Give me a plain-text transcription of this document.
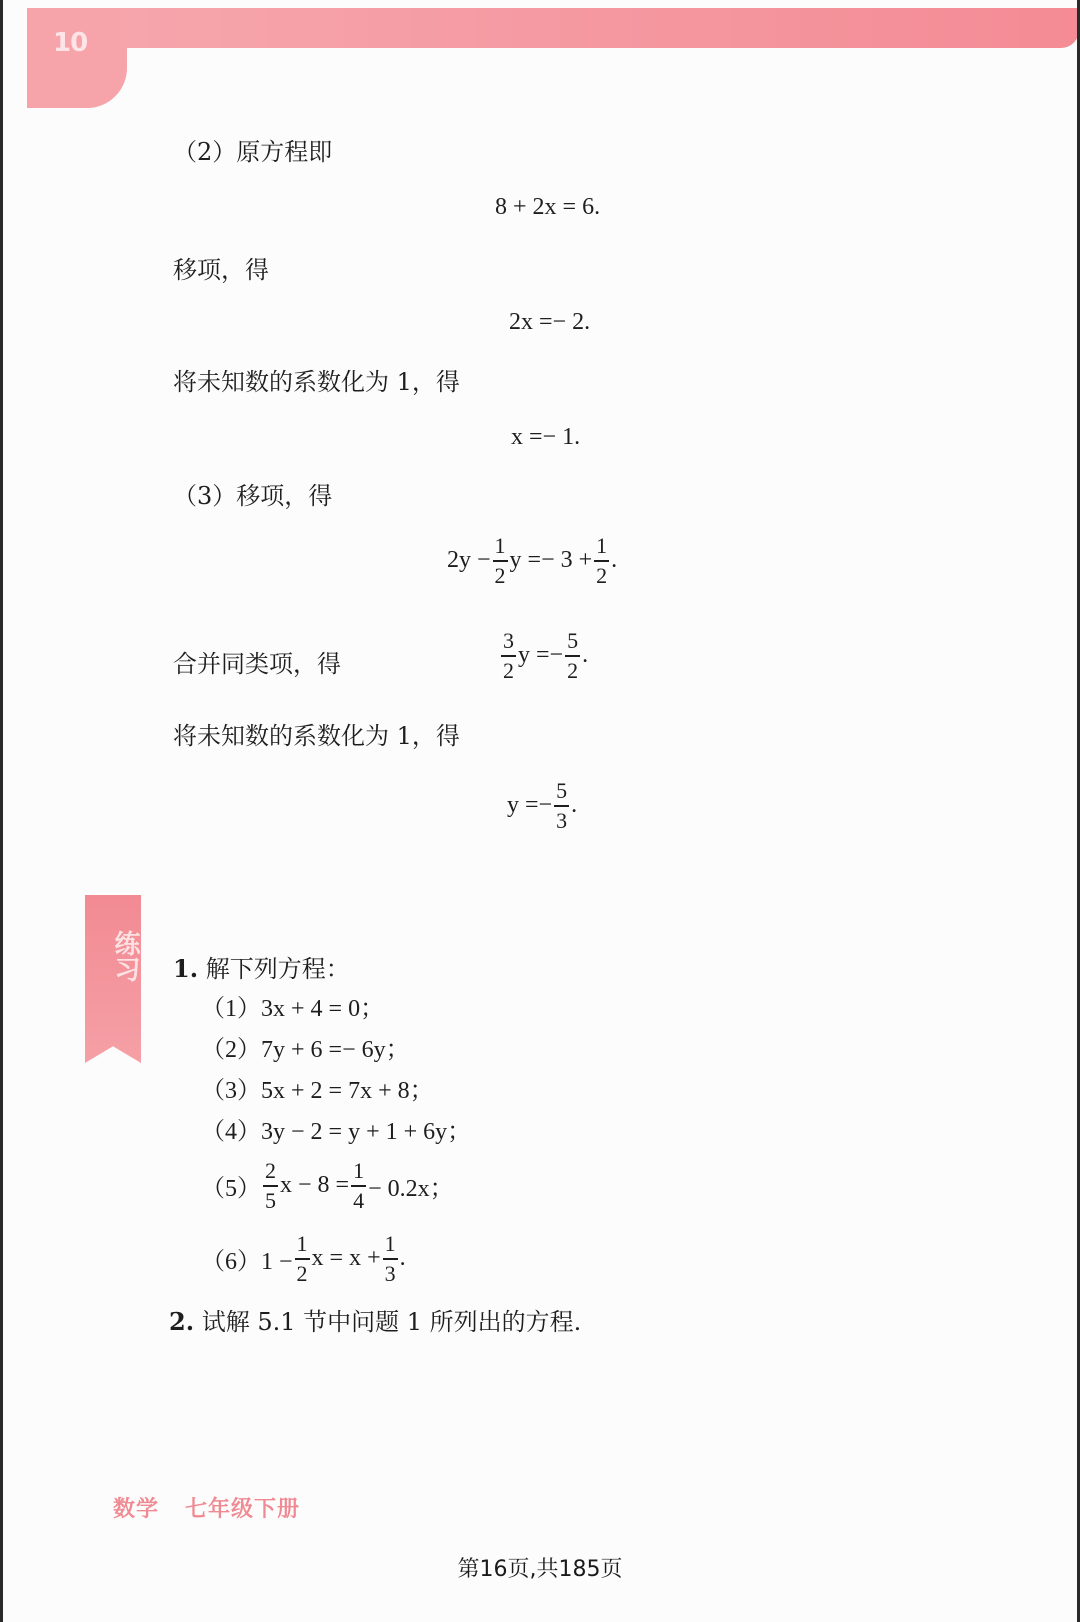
10
（2）原方程即
8 + 2x = 6.
移项，得
2x =− 2.
将未知数的系数化为 1，得
x =− 1.
（3）移项，得
$2y - \frac{1}{2}$ $y =- 3 + \frac{1}{2}$ .
合并同类项，得	$\frac{3}{2}$ $y =- \frac{5}{2}$ .
将未知数的系数化为 1，得
$y =- \frac{5}{3}$ .
练习 1. 解下列方程：
（1）3x + 4 = 0；
（2）7y + 6 =− 6y；
（3）5x + 2 = 7x + 8；
（4）3y − 2 = y + 1 + 6y；
$(5) \frac{2}{5}$ $x - 8 = \frac{1}{4} - 0.2x$；
$(6)1 - \frac{1}{2}$ $x = x + \frac{1}{3}$ .
2. 试解 5.1 节中问题 1 所列出的方程.
数学 七年级下册
第16页,共185页
